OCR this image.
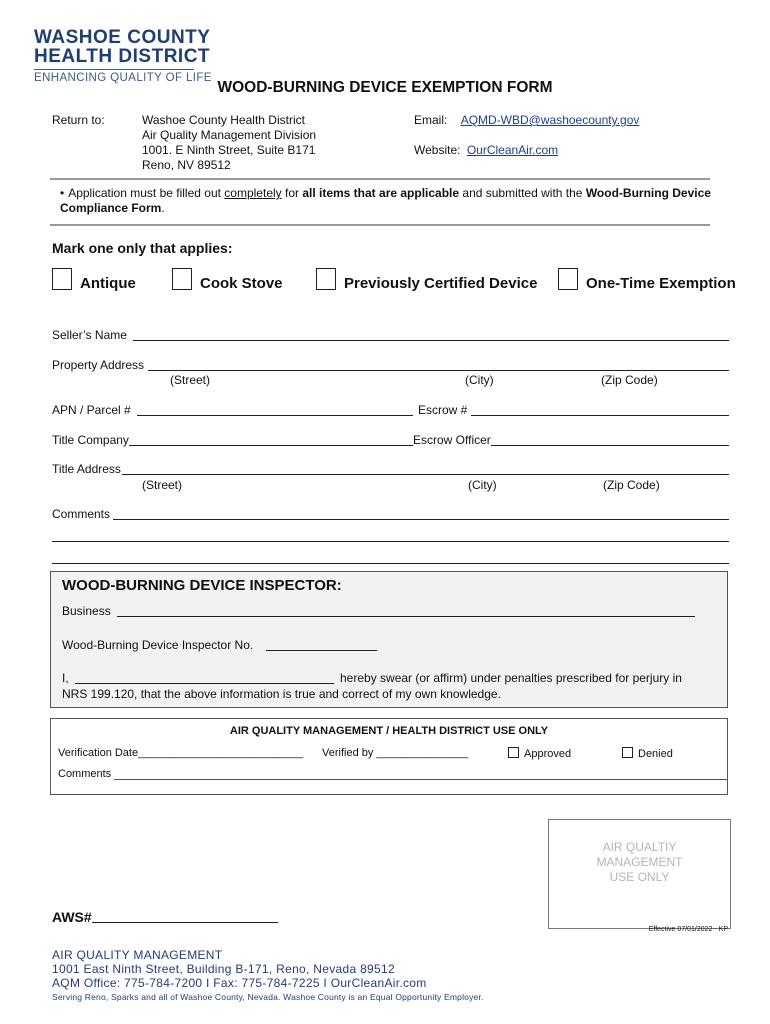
WASHOE COUNTY
HEALTH DISTRICT
ENHANCING QUALITY OF LIFE
WOOD-BURNING DEVICE EXEMPTION FORM
Return to:	Washoe County Health District
Air Quality Management Division
1001. E Ninth Street, Suite B171
Reno, NV 89512
Email: AQMD-WBD@washoecounty.gov
Website: OurCleanAir.com
• Application must be filled out completely for all items that are applicable and submitted with the Wood-Burning Device Compliance Form.
Mark one only that applies:
Antique	Cook Stove	Previously Certified Device	One-Time Exemption
Seller’s Name
Property Address
(Street)	(City)	(Zip Code)
APN / Parcel #	Escrow #
Title Company	Escrow Officer
Title Address
(Street)	(City)	(Zip Code)
Comments
WOOD-BURNING DEVICE INSPECTOR:
Business
Wood-Burning Device Inspector No.
I,	hereby swear (or affirm) under penalties prescribed for perjury in
NRS 199.120, that the above information is true and correct of my own knowledge.
AIR QUALITY MANAGEMENT / HEALTH DISTRICT USE ONLY
Verification Date___________________________ Verified by _______________	Approved	Denied
Comments
AIR QUALTIY
MANAGEMENT
USE ONLY
AWS#
Effective 07/01/2022 - KP
AIR QUALITY MANAGEMENT
1001 East Ninth Street, Building B-171, Reno, Nevada 89512
AQM Office: 775-784-7200 I Fax: 775-784-7225 I OurCleanAir.com
Serving Reno, Sparks and all of Washoe County, Nevada. Washoe County is an Equal Opportunity Employer.
